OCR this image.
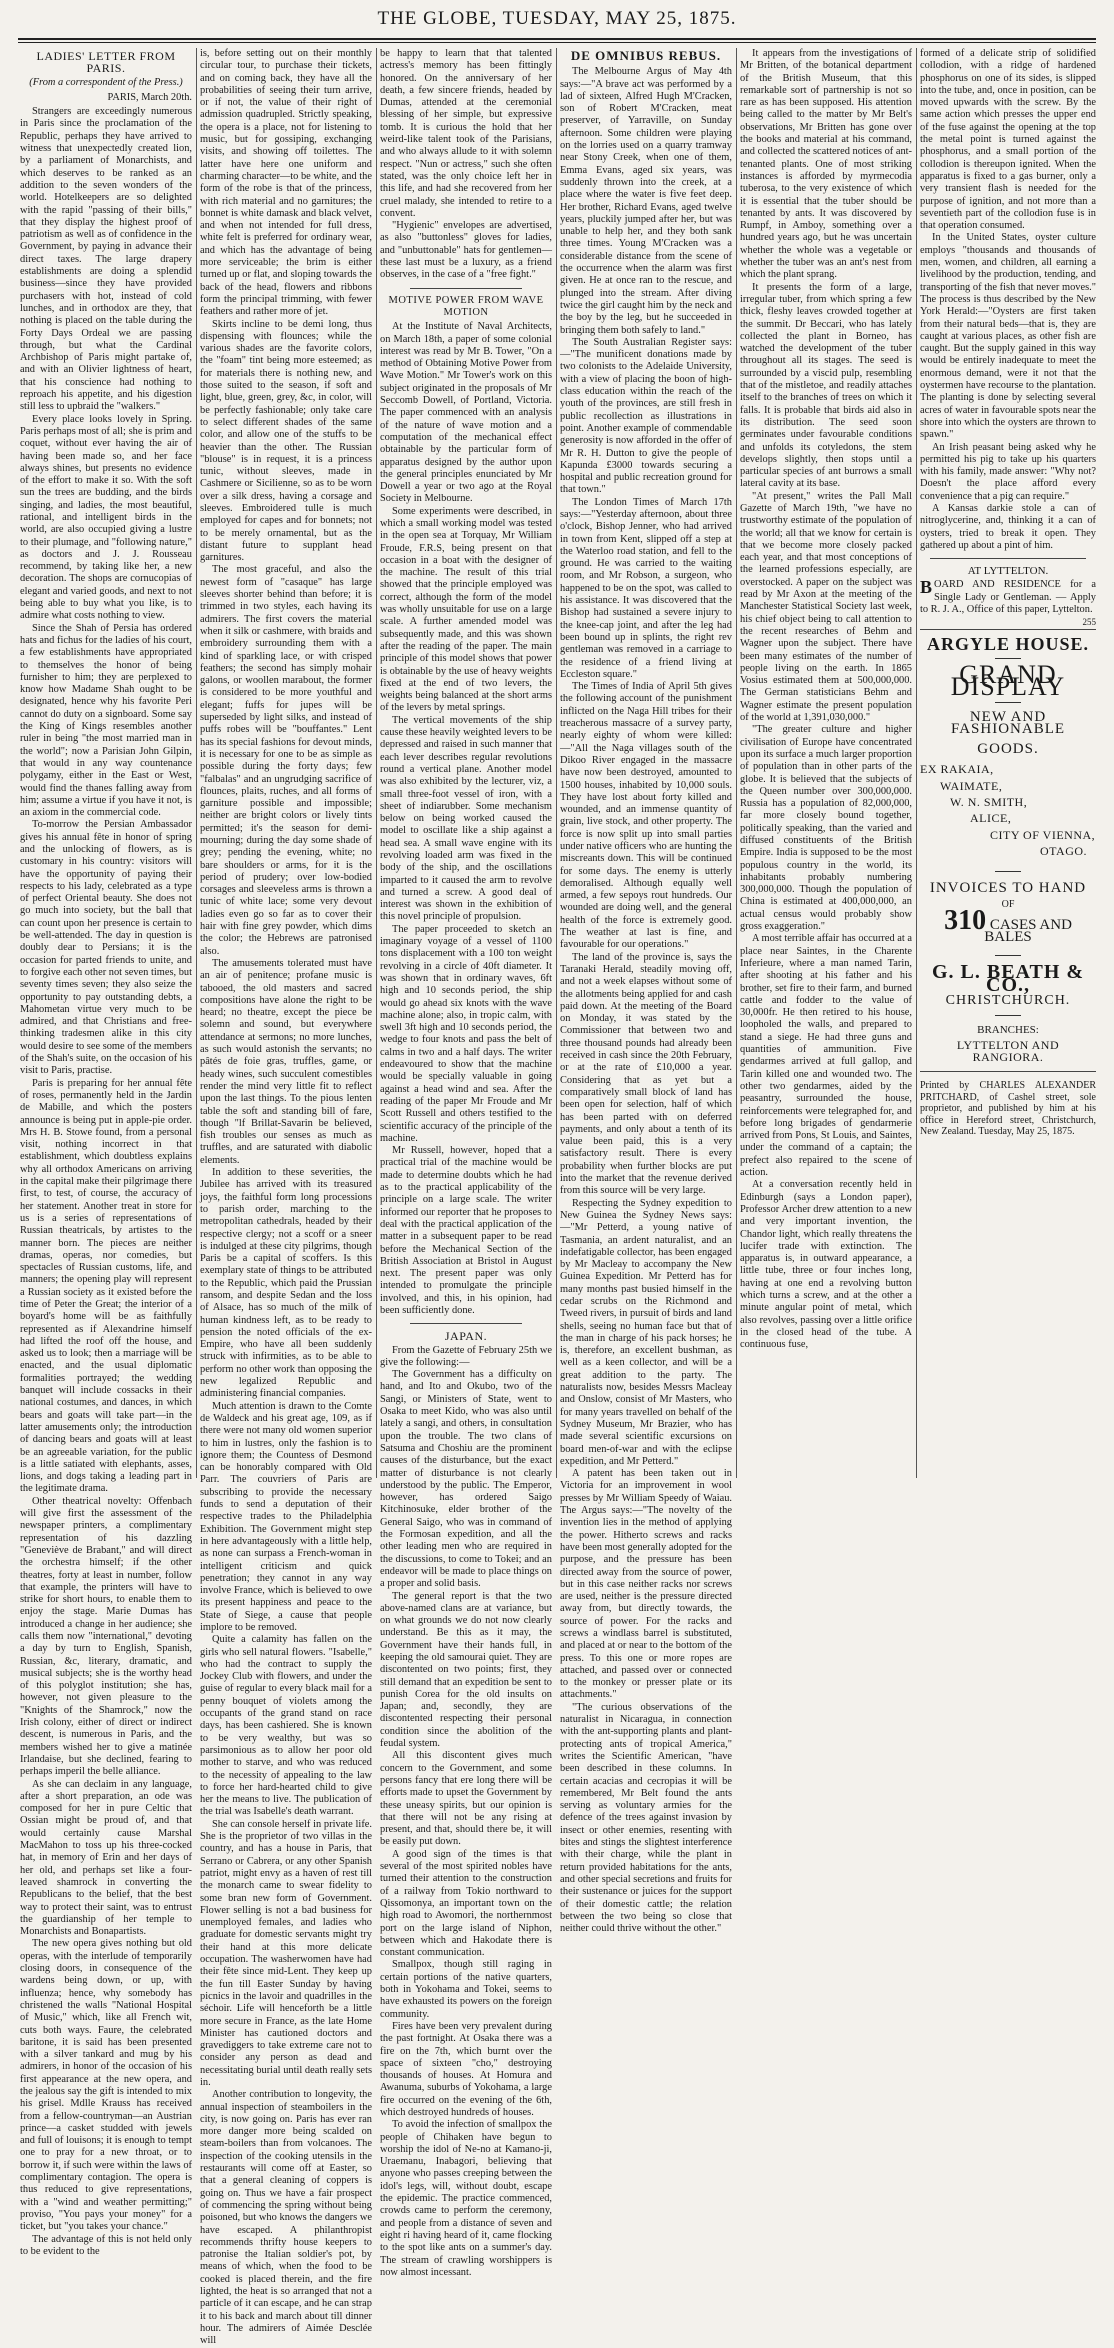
THE GLOBE, TUESDAY, MAY 25, 1875.
LADIES' LETTER FROM PARIS.
(From a correspondent of the Press.)
PARIS, March 20th.

Strangers are exceedingly numerous in Paris since the proclamation of the Republic, perhaps they have arrived to witness that unexpectedly created lion, by a parliament of Monarchists, and which deserves to be ranked as an addition to the seven wonders of the world. Hotelkeepers are so delighted with the rapid "passing of their bills," that they display the highest proof of patriotism as well as of confidence in the Government, by paying in advance their direct taxes. The large drapery establishments are doing a splendid business—since they have provided purchasers with hot, instead of cold lunches, and in orthodox are they, that nothing is placed on the table during the Forty Days Ordeal we are passing through, but what the Cardinal Archbishop of Paris might partake of, and with an Olivier lightness of heart, that his conscience had nothing to reproach his appetite, and his digestion still less to upbraid the "walkers."

Every place looks lovely in Spring. Paris perhaps most of all; she is prim and coquet, without ever having the air of having been made so, and her face always shines, but presents no evidence of the effort to make it so. With the soft sun the trees are budding, and the birds singing, and ladies, the most beautiful, rational, and intelligent birds in the world, are also occupied giving a lustre to their plumage, and "following nature," as doctors and J. J. Rousseau recommend, by taking like her, a new decoration. The shops are cornucopias of elegant and varied goods, and next to not being able to buy what you like, is to admire what costs nothing to view.

Since the Shah of Persia has ordered hats and fichus for the ladies of his court, a few establishments have appropriated to themselves the honor of being furnisher to him; they are perplexed to know how Madame Shah ought to be designated, hence why his favorite Peri cannot do duty on a signboard. Some say the King of Kings resembles another ruler in being "the most married man in the world"; now a Parisian John Gilpin, that would in any way countenance polygamy, either in the East or West, would find the thanes falling away from him; assume a virtue if you have it not, is an axiom in the commercial code.

To-morrow the Persian Ambassador gives his annual fête in honor of spring and the unlocking of flowers, as is customary in his country: visitors will have the opportunity of paying their respects to his lady, celebrated as a type of perfect Oriental beauty. She does not go much into society, but the ball that can count upon her presence is certain to be well-attended. The day in question is doubly dear to Persians; it is the occasion for parted friends to unite, and to forgive each other not seven times, but seventy times seven; they also seize the opportunity to pay outstanding debts, a Mahometan virtue very much to be admired, and that Christians and free-thinking tradesmen alike in this city would desire to see some of the members of the Shah's suite, on the occasion of his visit to Paris, practise.

Paris is preparing for her annual fête of roses, permanently held in the Jardin de Mabille, and which the posters announce is being put in apple-pie order. Mrs H. B. Stowe found, from a personal visit, nothing incorrect in that establishment, which doubtless explains why all orthodox Americans on arriving in the capital make their pilgrimage there first, to test, of course, the accuracy of her statement. Another treat in store for us is a series of representations of Russian theatricals, by artistes to the manner born. The pieces are neither dramas, operas, nor comedies, but spectacles of Russian customs, life, and manners; the opening play will represent a Russian society as it existed before the time of Peter the Great; the interior of a boyard's home will be as faithfully represented as if Alexandrine himself had lifted the roof off the house, and asked us to look; then a marriage will be enacted, and the usual diplomatic formalities portrayed; the wedding banquet will include cossacks in their national costumes, and dances, in which bears and goats will take part—in the latter amusements only; the introduction of dancing bears and goats will at least be an agreeable variation, for the public is a little satiated with elephants, asses, lions, and dogs taking a leading part in the legitimate drama.

Other theatrical novelty: Offenbach will give first the assessment of the newspaper printers, a complimentary representation of his dazzling "Geneviève de Brabant," and will direct the orchestra himself; if the other theatres, forty at least in number, follow that example, the printers will have to strike for short hours, to enable them to enjoy the stage. Marie Dumas has introduced a change in her audience; she calls them now "international," devoting a day by turn to English, Spanish, Russian, &c, literary, dramatic, and musical subjects; she is the worthy head of this polyglot institution; she has, however, not given pleasure to the "Knights of the Shamrock," now the Irish colony, either of direct or indirect descent, is numerous in Paris, and the members wished her to give a matinée Irlandaise, but she declined, fearing to perhaps imperil the belle alliance.

As she can declaim in any language, after a short preparation, an ode was composed for her in pure Celtic that Ossian might be proud of, and that would certainly cause Marshal MacMahon to toss up his three-cocked hat, in memory of Erin and her days of her old, and perhaps set like a four-leaved shamrock in converting the Republicans to the belief, that the best way to protect their saint, was to entrust the guardianship of her temple to Monarchists and Bonapartists.

The new opera gives nothing but old operas, with the interlude of temporarily closing doors, in consequence of the wardens being down, or up, with influenza; hence, why somebody has christened the walls "National Hospital of Music," which, like all French wit, cuts both ways. Faure, the celebrated baritone, it is said has been presented with a silver tankard and mug by his admirers, in honor of the occasion of his first appearance at the new opera, and the jealous say the gift is intended to mix his grisel. Mdlle Krauss has received from a fellow-countryman—an Austrian prince—a casket studded with jewels and full of louisons; it is enough to tempt one to pray for a new throat, or to borrow it, if such were within the laws of complimentary contagion. The opera is thus reduced to give representations, with a "wind and weather permitting;" proviso, "You pays your money" for a ticket, but "you takes your chance."

The advantage of this is not held only to be evident to the

is, before setting out on their monthly circular tour, to purchase their tickets, and on coming back, they have all the probabilities of seeing their turn arrive, or if not, the value of their right of admission quadrupled. Strictly speaking, the opera is a place, not for listening to music, but for gossiping, exchanging visits, and showing off toilettes. The latter have here one uniform and charming character—to be white, and the form of the robe is that of the princess, with rich material and no garnitures; the bonnet is white damask and black velvet, and when not intended for full dress, white felt is preferred for ordinary wear, and which has the advantage of being more serviceable; the brim is either turned up or flat, and sloping towards the back of the head, flowers and ribbons form the principal trimming, with fewer feathers and rather more of jet.

Skirts incline to be demi long, thus dispensing with flounces; while the various shades are the favorite colors, the "foam" tint being more esteemed; as for materials there is nothing new, and those suited to the season, if soft and light, blue, green, grey, &c, in color, will be perfectly fashionable; only take care to select different shades of the same color, and allow one of the stuffs to be heavier than the other. The Russian "blouse" is in request, it is a princess tunic, without sleeves, made in Cashmere or Sicilienne, so as to be worn over a silk dress, having a corsage and sleeves. Embroidered tulle is much employed for capes and for bonnets; not to be merely ornamental, but as the distant future to supplant head garnitures.

The most graceful, and also the newest form of "casaque" has large sleeves shorter behind than before; it is trimmed in two styles, each having its admirers. The first covers the material when it silk or cashmere, with braids and embroidery surrounding them with a kind of sparkling lace, or with crisped feathers; the second has simply mohair galons, or woollen marabout, the former is considered to be more youthful and elegant; fuffs for jupes will be superseded by light silks, and instead of puffs robes will be "bouffantes." Lent has its special fashions for devout minds, it is necessary for one to be as simple as possible during the forty days; few "falbalas" and an ungrudging sacrifice of flounces, plaits, ruches, and all forms of garniture possible and impossible; neither are bright colors or lively tints permitted; it's the season for demi-mourning; during the day some shade of grey; pending the evening, white; no bare shoulders or arms, for it is the period of prudery; over low-bodied corsages and sleeveless arms is thrown a tunic of white lace; some very devout ladies even go so far as to cover their hair with fine grey powder, which dims the color; the Hebrews are patronised also.

The amusements tolerated must have an air of penitence; profane music is tabooed, the old masters and sacred compositions have alone the right to be heard; no theatre, except the piece be solemn and sound, but everywhere attendance at sermons; no more lunches, as such would astonish the servants; no pâtés de foie gras, truffles, game, or heady wines, such succulent comestibles render the mind very little fit to reflect upon the last things. To the pious lenten table the soft and standing bill of fare, though "lf Brillat-Savarin be believed, fish troubles our senses as much as truffles, and are saturated with diabolic elements.

In addition to these severities, the Jubilee has arrived with its treasured joys, the faithful form long processions to parish order, marching to the metropolitan cathedrals, headed by their respective clergy; not a scoff or a sneer is indulged at these city pilgrims, though Paris be a capital of scoffers. Is this exemplary state of things to be attributed to the Republic, which paid the Prussian ransom, and despite Sedan and the loss of Alsace, has so much of the milk of human kindness left, as to be ready to pension the noted officials of the ex-Empire, who have all been suddenly struck with infirmities, as to be able to perform no other work than opposing the new legalized Republic and administering financial companies.

Much attention is drawn to the Comte de Waldeck and his great age, 109, as if there were not many old women superior to him in lustres, only the fashion is to ignore them; the Countess of Desmond can be honorably compared with Old Parr. The couvriers of Paris are subscribing to provide the necessary funds to send a deputation of their respective trades to the Philadelphia Exhibition. The Government might step in here advantageously with a little help, as none can surpass a French-woman in intelligent criticism and quick penetration; they cannot in any way involve France, which is believed to owe its present happiness and peace to the State of Siege, a cause that people implore to be removed.

Quite a calamity has fallen on the girls who sell natural flowers. "Isabelle," who had the contract to supply the Jockey Club with flowers, and under the guise of regular to every black mail for a penny bouquet of violets among the occupants of the grand stand on race days, has been cashiered. She is known to be very wealthy, but was so parsimonious as to allow her poor old mother to starve, and who was reduced to the necessity of appealing to the law to force her hard-hearted child to give her the means to live. The publication of the trial was Isabelle's death warrant.

She can console herself in private life. She is the proprietor of two villas in the country, and has a house in Paris, that Serrano or Cabrera, or any other Spanish patriot, might envy as a haven of rest till the monarch came to swear fidelity to some bran new form of Government. Flower selling is not a bad business for unemployed females, and ladies who graduate for domestic servants might try their hand at this more delicate occupation. The washerwomen have had their fête since mid-Lent. They keep up the fun till Easter Sunday by having picnics in the lavoir and quadrilles in the séchoir. Life will henceforth be a little more secure in France, as the late Home Minister has cautioned doctors and gravediggers to take extreme care not to consider any person as dead and necessitating burial until death really sets in.

Another contribution to longevity, the annual inspection of steamboilers in the city, is now going on. Paris has ever ran more danger more being scalded on steam-boilers than from volcanoes. The inspection of the cooking utensils in the restaurants will come off at Easter, so that a general cleaning of coppers is going on. Thus we have a fair prospect of commencing the spring without being poisoned, but who knows the dangers we have escaped. A philanthropist recommends thrifty house keepers to patronise the Italian soldier's pot, by means of which, when the food to be cooked is placed therein, and the fire lighted, the heat is so arranged that not a particle of it can escape, and he can strap it to his back and march about till dinner hour. The admirers of Aimée Desclée will

be happy to learn that that talented actress's memory has been fittingly honored. On the anniversary of her death, a few sincere friends, headed by Dumas, attended at the ceremonial blessing of her simple, but expressive tomb. It is curious the hold that her weird-like talent took of the Parisians, and who always allude to it with solemn respect. "Nun or actress," such she often stated, was the only choice left her in this life, and had she recovered from her cruel malady, she intended to retire to a convent.

"Hygienic" envelopes are advertised, as also "buttonless" gloves for ladies, and "unbuttonable" hats for gentlemen—these last must be a luxury, as a friend observes, in the case of a "free fight."

MOTIVE POWER FROM WAVE MOTION

At the Institute of Naval Architects, on March 18th, a paper of some colonial interest was read by Mr B. Tower, "On a method of Obtaining Motive Power from Wave Motion." Mr Tower's work on this subject originated in the proposals of Mr Seccomb Dowell, of Portland, Victoria. The paper commenced with an analysis of the nature of wave motion and a computation of the mechanical effect obtainable by the particular form of apparatus designed by the author upon the general principles enunciated by Mr Dowell a year or two ago at the Royal Society in Melbourne.

Some experiments were described, in which a small working model was tested in the open sea at Torquay, Mr William Froude, F.R.S, being present on that occasion in a boat with the designer of the machine. The result of this trial showed that the principle employed was correct, although the form of the model was wholly unsuitable for use on a large scale. A further amended model was subsequently made, and this was shown after the reading of the paper. The main principle of this model shows that power is obtainable by the use of heavy weights fixed at the end of two levers, the weights being balanced at the short arms of the levers by metal springs.

The vertical movements of the ship cause these heavily weighted levers to be depressed and raised in such manner that each lever describes regular revolutions round a vertical plane. Another model was also exhibited by the lecturer, viz, a small three-foot vessel of iron, with a sheet of indiarubber. Some mechanism below on being worked caused the model to oscillate like a ship against a head sea. A small wave engine with its revolving loaded arm was fixed in the body of the ship, and the oscillations imparted to it caused the arm to revolve and turned a screw. A good deal of interest was shown in the exhibition of this novel principle of propulsion.

The paper proceeded to sketch an imaginary voyage of a vessel of 1100 tons displacement with a 100 ton weight revolving in a circle of 40ft diameter. It was shown that in ordinary waves, 6ft high and 10 seconds period, the ship would go ahead six knots with the wave machine alone; also, in tropic calm, with swell 3ft high and 10 seconds period, the wedge to four knots and pass the belt of calms in two and a half days. The writer endeavoured to show that the machine would be specially valuable in going against a head wind and sea. After the reading of the paper Mr Froude and Mr Scott Russell and others testified to the scientific accuracy of the principle of the machine.

Mr Russell, however, hoped that a practical trial of the machine would be made to determine doubts which he had as to the practical applicability of the principle on a large scale. The writer informed our reporter that he proposes to deal with the practical application of the matter in a subsequent paper to be read before the Mechanical Section of the British Association at Bristol in August next. The present paper was only intended to promulgate the principle involved, and this, in his opinion, had been sufficiently done.

JAPAN.

From the Gazette of February 25th we give the following:—

The Government has a difficulty on hand, and Ito and Okubo, two of the Sangi, or Ministers of State, went to Osaka to meet Kido, who was also until lately a sangi, and others, in consultation upon the trouble. The two clans of Satsuma and Choshiu are the prominent causes of the disturbance, but the exact matter of disturbance is not clearly understood by the public. The Emperor, however, has ordered Saigo Kitchinosuke, elder brother of the General Saigo, who was in command of the Formosan expedition, and all the other leading men who are required in the discussions, to come to Tokei; and an endeavor will be made to place things on a proper and solid basis.

The general report is that the two above-named clans are at variance, but on what grounds we do not now clearly understand. Be this as it may, the Government have their hands full, in keeping the old samourai quiet. They are discontented on two points; first, they still demand that an expedition be sent to punish Corea for the old insults on Japan; and, secondly, they are discontented respecting their personal condition since the abolition of the feudal system.

All this discontent gives much concern to the Government, and some persons fancy that ere long there will be efforts made to upset the Government by these uneasy spirits, but our opinion is that there will not be any rising at present, and that, should there be, it will be easily put down.

A good sign of the times is that several of the most spirited nobles have turned their attention to the construction of a railway from Tokio northward to Qissomonya, an important town on the high road to Awomori, the northernmost port on the large island of Niphon, between which and Hakodate there is constant communication.

Smallpox, though still raging in certain portions of the native quarters, both in Yokohama and Tokei, seems to have exhausted its powers on the foreign community.

Fires have been very prevalent during the past fortnight. At Osaka there was a fire on the 7th, which burnt over the space of sixteen "cho," destroying thousands of houses. At Homura and Awanuma, suburbs of Yokohama, a large fire occurred on the evening of the 6th, which destroyed hundreds of houses.

To avoid the infection of smallpox the people of Chihaken have begun to worship the idol of Ne-no at Kamano-ji, Uraemanu, Inabagori, believing that anyone who passes creeping between the idol's legs, will, without doubt, escape the epidemic. The practice commenced, crowds came to perform the ceremony, and people from a distance of seven and eight ri having heard of it, came flocking to the spot like ants on a summer's day. The stream of crawling worshippers is now almost incessant.

DE OMNIBUS REBUS.

The Melbourne Argus of May 4th says:—"A brave act was performed by a lad of sixteen, Alfred Hugh M'Cracken, son of Robert M'Cracken, meat preserver, of Yarraville, on Sunday afternoon. Some children were playing on the lorries used on a quarry tramway near Stony Creek, when one of them, Emma Evans, aged six years, was suddenly thrown into the creek, at a place where the water is five feet deep. Her brother, Richard Evans, aged twelve years, pluckily jumped after her, but was unable to help her, and they both sank three times. Young M'Cracken was a considerable distance from the scene of the occurrence when the alarm was first given. He at once ran to the rescue, and plunged into the stream. After diving twice the girl caught him by the neck and the boy by the leg, but he succeeded in bringing them both safely to land."

The South Australian Register says:—"The munificent donations made by two colonists to the Adelaide University, with a view of placing the boon of high-class education within the reach of the youth of the provinces, are still fresh in public recollection as illustrations in point. Another example of commendable generosity is now afforded in the offer of Mr R. H. Dutton to give the people of Kapunda £3000 towards securing a hospital and public recreation ground for that town."

The London Times of March 17th says:—"Yesterday afternoon, about three o'clock, Bishop Jenner, who had arrived in town from Kent, slipped off a step at the Waterloo road station, and fell to the ground. He was carried to the waiting room, and Mr Robson, a surgeon, who happened to be on the spot, was called to his assistance. It was discovered that the Bishop had sustained a severe injury to the knee-cap joint, and after the leg had been bound up in splints, the right rev gentleman was removed in a carriage to the residence of a friend living at Eccleston square."

The Times of India of April 5th gives the following account of the punishment inflicted on the Naga Hill tribes for their treacherous massacre of a survey party, nearly eighty of whom were killed:—"All the Naga villages south of the Dikoo River engaged in the massacre have now been destroyed, amounted to 1500 houses, inhabited by 10,000 souls. They have lost about forty killed and wounded, and an immense quantity of grain, live stock, and other property. The force is now split up into small parties under native officers who are hunting the miscreants down. This will be continued for some days. The enemy is utterly demoralised. Although equally well armed, a few sepoys rout hundreds. Our wounded are doing well, and the general health of the force is extremely good. The weather at last is fine, and favourable for our operations."

The land of the province is, says the Taranaki Herald, steadily moving off, and not a week elapses without some of the allotments being applied for and cash paid down. At the meeting of the Board on Monday, it was stated by the Commissioner that between two and three thousand pounds had already been received in cash since the 20th February, or at the rate of £10,000 a year. Considering that as yet but a comparatively small block of land has been open for selection, half of which has been parted with on deferred payments, and only about a tenth of its value been paid, this is a very satisfactory result. There is every probability when further blocks are put into the market that the revenue derived from this source will be very large.

Respecting the Sydney expedition to New Guinea the Sydney News says:—"Mr Petterd, a young native of Tasmania, an ardent naturalist, and an indefatigable collector, has been engaged by Mr Macleay to accompany the New Guinea Expedition. Mr Petterd has for many months past busied himself in the cedar scrubs on the Richmond and Tweed rivers, in pursuit of birds and land shells, seeing no human face but that of the man in charge of his pack horses; he is, therefore, an excellent bushman, as well as a keen collector, and will be a great addition to the party. The naturalists now, besides Messrs Macleay and Onslow, consist of Mr Masters, who for many years travelled on behalf of the Sydney Museum, Mr Brazier, who has made several scientific excursions on board men-of-war and with the eclipse expedition, and Mr Petterd."

A patent has been taken out in Victoria for an improvement in wool presses by Mr William Speedy of Waiau. The Argus says:—"The novelty of the invention lies in the method of applying the power. Hitherto screws and racks have been most generally adopted for the purpose, and the pressure has been directed away from the source of power, but in this case neither racks nor screws are used, neither is the pressure directed away from, but directly towards, the source of power. For the racks and screws a windlass barrel is substituted, and placed at or near to the bottom of the press. To this one or more ropes are attached, and passed over or connected to the monkey or presser plate or its attachments."

"The curious observations of the naturalist in Nicaragua, in connection with the ant-supporting plants and plant-protecting ants of tropical America," writes the Scientific American, "have been described in these columns. In certain acacias and cecropias it will be remembered, Mr Belt found the ants serving as voluntary armies for the defence of the trees against invasion by insect or other enemies, resenting with bites and stings the slightest interference with their charge, while the plant in return provided habitations for the ants, and other special secretions and fruits for their sustenance or juices for the support of their domestic cattle; the relation between the two being so close that neither could thrive without the other."

It appears from the investigations of Mr Britten, of the botanical department of the British Museum, that this remarkable sort of partnership is not so rare as has been supposed. His attention being called to the matter by Mr Belt's observations, Mr Britten has gone over the books and material at his command, and collected the scattered notices of ant-tenanted plants. One of most striking instances is afforded by myrmecodia tuberosa, to the very existence of which it is essential that the tuber should be tenanted by ants. It was discovered by Rumpf, in Amboy, something over a hundred years ago, but he was uncertain whether the whole was a vegetable or whether the tuber was an ant's nest from which the plant sprang.

It presents the form of a large, irregular tuber, from which spring a few thick, fleshy leaves crowded together at the summit. Dr Beccari, who has lately collected the plant in Borneo, has watched the development of the tuber throughout all its stages. The seed is surrounded by a viscid pulp, resembling that of the mistletoe, and readily attaches itself to the branches of trees on which it falls. It is probable that birds aid also in its distribution. The seed soon germinates under favourable conditions and unfolds its cotyledons, the stem develops slightly, then stops until a particular species of ant burrows a small lateral cavity at its base.

"At present," writes the Pall Mall Gazette of March 19th, "we have no trustworthy estimate of the population of the world; all that we know for certain is that we become more closely packed each year, and that most conceptions of the learned professions especially, are overstocked. A paper on the subject was read by Mr Axon at the meeting of the Manchester Statistical Society last week, his chief object being to call attention to the recent researches of Behm and Wagner upon the subject. There have been many estimates of the number of people living on the earth. In 1865 Vosius estimated them at 500,000,000. The German statisticians Behm and Wagner estimate the present population of the world at 1,391,030,000."

"The greater culture and higher civilisation of Europe have concentrated upon its surface a much larger proportion of population than in other parts of the globe. It is believed that the subjects of the Queen number over 300,000,000. Russia has a population of 82,000,000, far more closely bound together, politically speaking, than the varied and diffused constituents of the British Empire. India is supposed to be the most populous country in the world, its inhabitants probably numbering 300,000,000. Though the population of China is estimated at 400,000,000, an actual census would probably show gross exaggeration."

A most terrible affair has occurred at a place near Saintes, in the Charente Inferieure, where a man named Tarin, after shooting at his father and his brother, set fire to their farm, and burned cattle and fodder to the value of 30,000fr. He then retired to his house, loopholed the walls, and prepared to stand a siege. He had three guns and quantities of ammunition. Five gendarmes arrived at full gallop, and Tarin killed one and wounded two. The other two gendarmes, aided by the peasantry, surrounded the house, reinforcements were telegraphed for, and before long brigades of gendarmerie arrived from Pons, St Louis, and Saintes, under the command of a captain; the prefect also repaired to the scene of action.

At a conversation recently held in Edinburgh (says a London paper), Professor Archer drew attention to a new and very important invention, the Chandor light, which really threatens the lucifer trade with extinction. The apparatus is, in outward appearance, a little tube, three or four inches long, having at one end a revolving button which turns a screw, and at the other a minute angular point of metal, which also revolves, passing over a little orifice in the closed head of the tube. A continuous fuse,

formed of a delicate strip of solidified collodion, with a ridge of hardened phosphorus on one of its sides, is slipped into the tube, and, once in position, can be moved upwards with the screw. By the same action which presses the upper end of the fuse against the opening at the top the metal point is turned against the phosphorus, and a small portion of the collodion is thereupon ignited. When the apparatus is fixed to a gas burner, only a very transient flash is needed for the purpose of ignition, and not more than a seventieth part of the collodion fuse is in that operation consumed.

In the United States, oyster culture employs "thousands and thousands of men, women, and children, all earning a livelihood by the production, tending, and transporting of the fish that never moves." The process is thus described by the New York Herald:—"Oysters are first taken from their natural beds—that is, they are caught at various places, as other fish are caught. But the supply gained in this way would be entirely inadequate to meet the enormous demand, were it not that the oystermen have recourse to the plantation. The planting is done by selecting several acres of water in favourable spots near the shore into which the oysters are thrown to spawn."

An Irish peasant being asked why he permitted his pig to take up his quarters with his family, made answer: "Why not? Doesn't the place afford every convenience that a pig can require."

A Kansas darkie stole a can of nitroglycerine, and, thinking it a can of oysters, tried to break it open. They gathered up about a pint of him.

AT LYTTELTON.

BOARD AND RESIDENCE for a Single Lady or Gentleman. — Apply to R. J. A., Office of this paper, Lyttelton.
255

ARGYLE HOUSE.
GRAND DISPLAY
NEW AND FASHIONABLE
GOODS.
EX RAKAIA,
WAIMATE,
W. N. SMITH,
ALICE,
CITY OF VIENNA,
OTAGO.
INVOICES TO HAND
OF
310 CASES AND BALES
G. L. BEATH & CO.,
CHRISTCHURCH.
BRANCHES:
LYTTELTON AND RANGIORA.

Printed by CHARLES ALEXANDER PRITCHARD, of Cashel street, sole proprietor, and published by him at his office in Hereford street, Christchurch, New Zealand. Tuesday, May 25, 1875.
